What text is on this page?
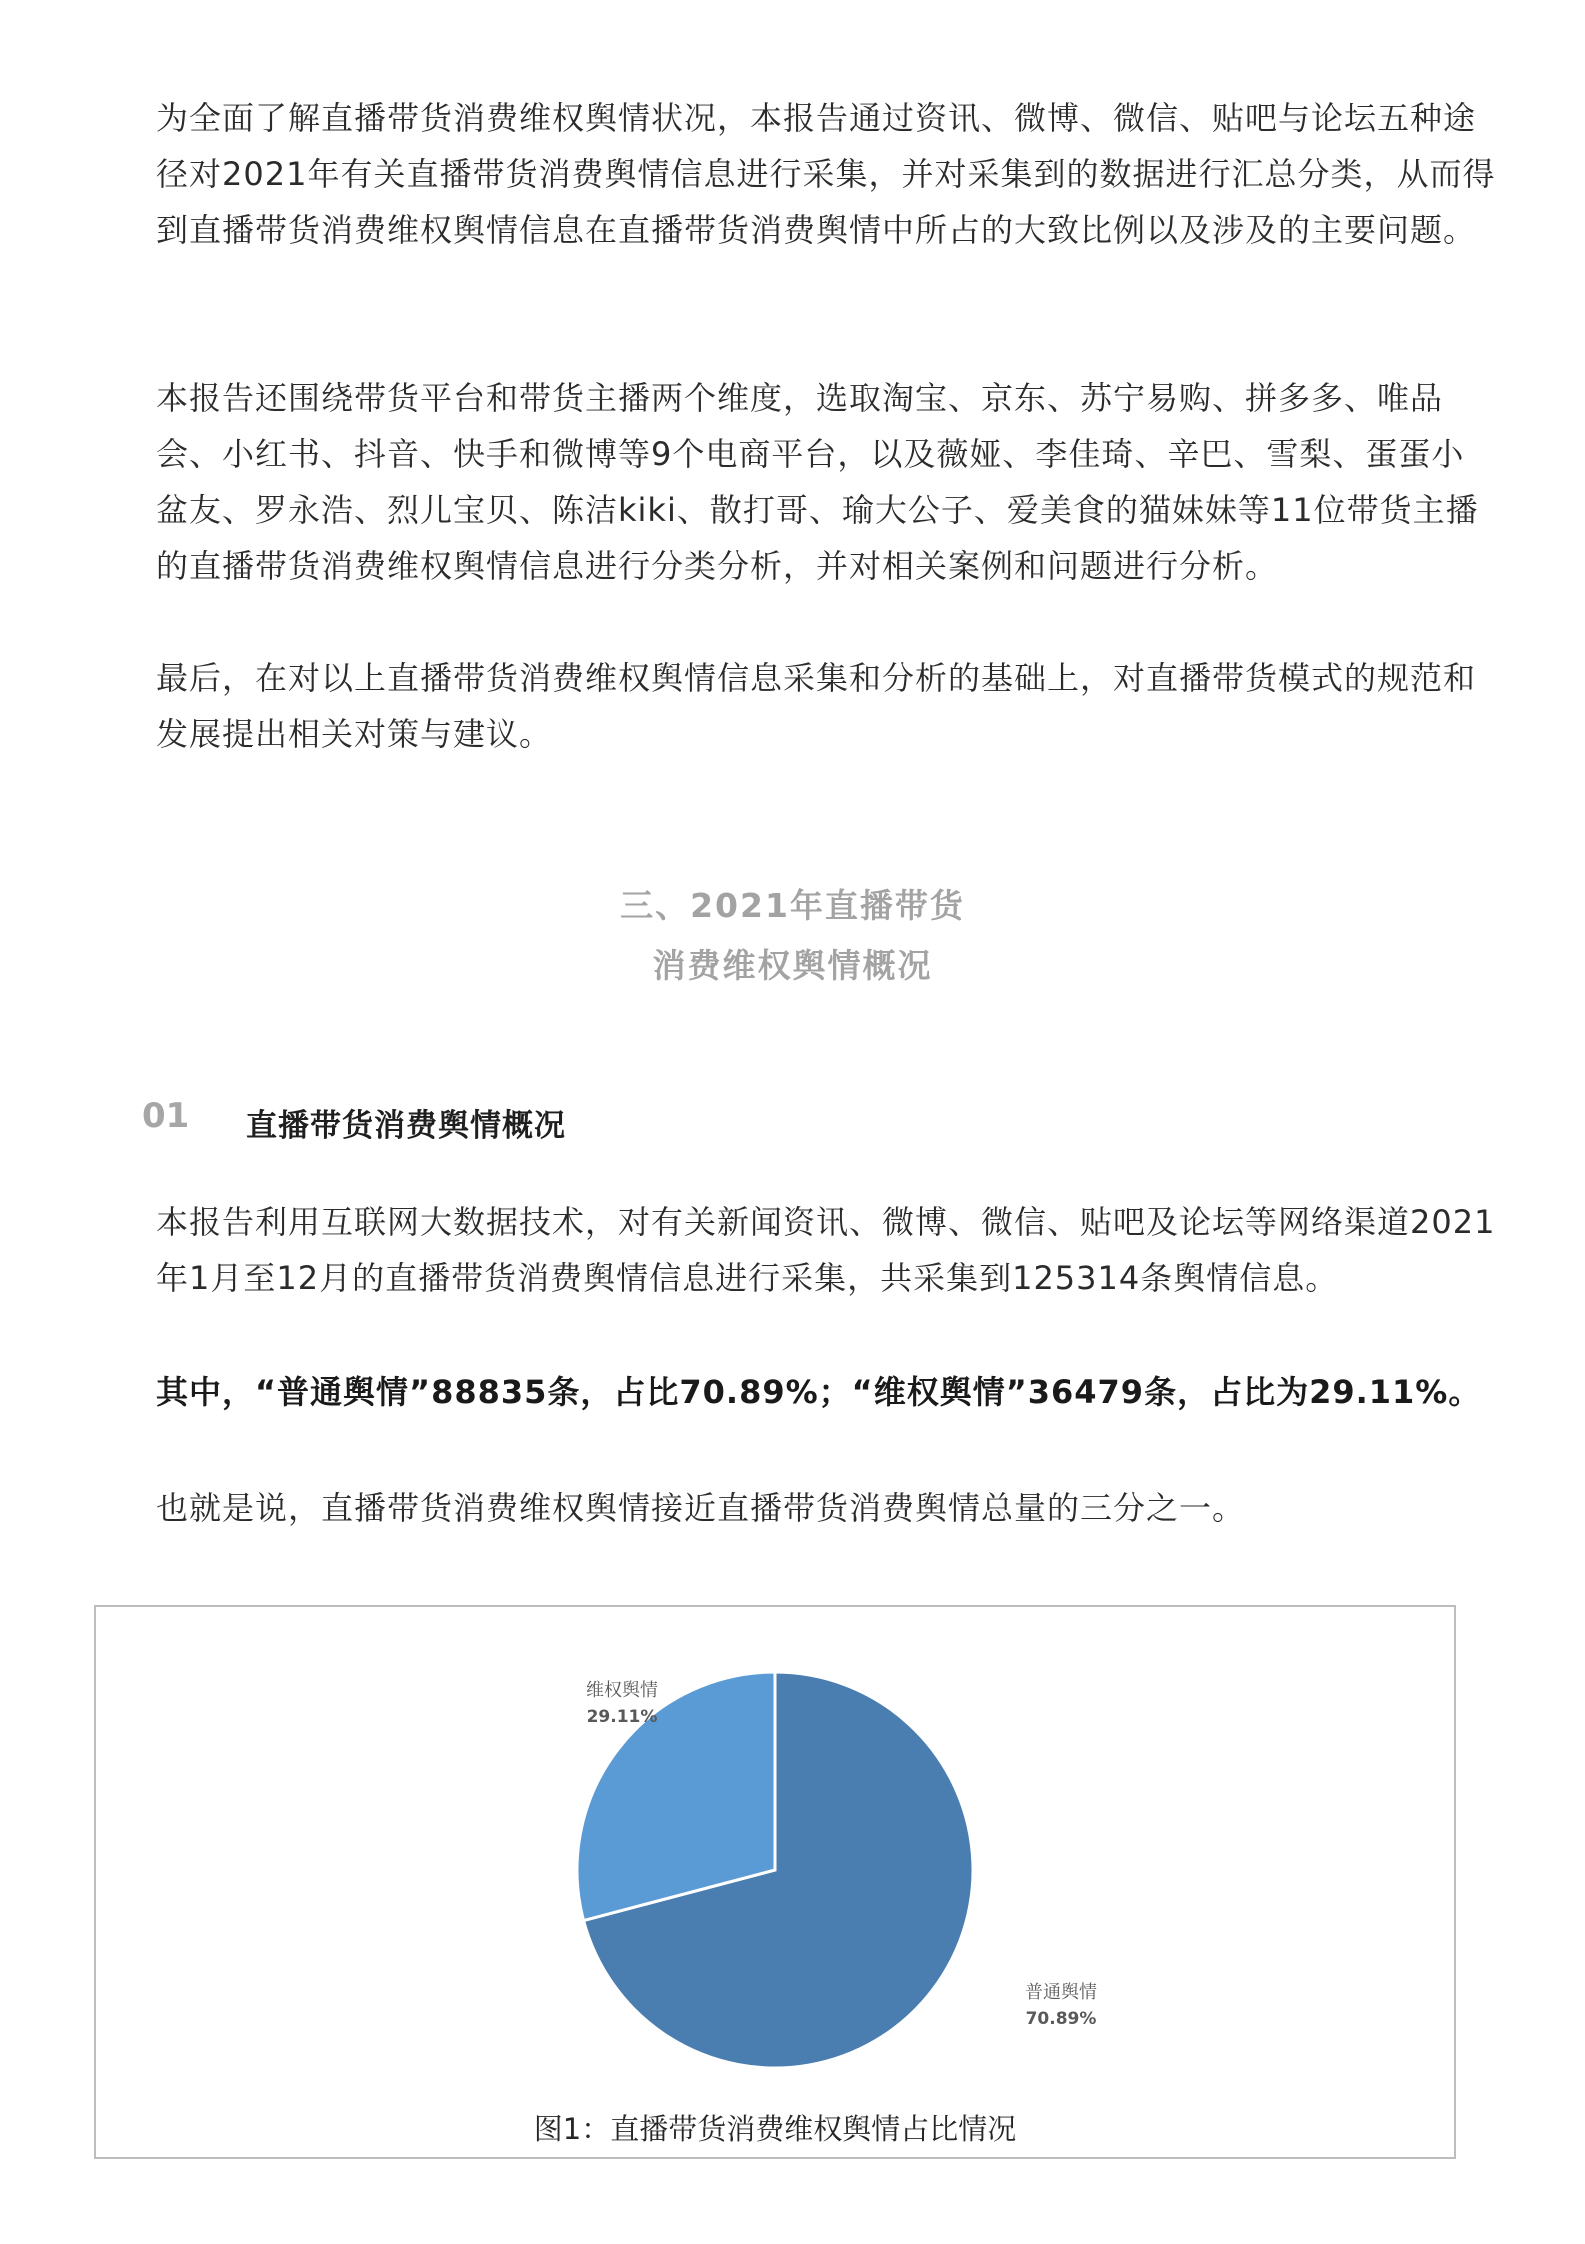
为全面了解直播带货消费维权舆情状况，本报告通过资讯、微博、微信、贴吧与论坛五种途径对2021年有关直播带货消费舆情信息进行采集，并对采集到的数据进行汇总分类，从而得到直播带货消费维权舆情信息在直播带货消费舆情中所占的大致比例以及涉及的主要问题。

本报告还围绕带货平台和带货主播两个维度，选取淘宝、京东、苏宁易购、拼多多、唯品会、小红书、抖音、快手和微博等9个电商平台，以及薇娅、李佳琦、辛巴、雪梨、蛋蛋小盆友、罗永浩、烈儿宝贝、陈洁kiki、散打哥、瑜大公子、爱美食的猫妹妹等11位带货主播的直播带货消费维权舆情信息进行分类分析，并对相关案例和问题进行分析。

最后，在对以上直播带货消费维权舆情信息采集和分析的基础上，对直播带货模式的规范和发展提出相关对策与建议。

三、2021年直播带货
消费维权舆情概况
01 直播带货消费舆情概况

本报告利用互联网大数据技术，对有关新闻资讯、微博、微信、贴吧及论坛等网络渠道2021年1月至12月的直播带货消费舆情信息进行采集，共采集到125314条舆情信息。

其中，“普通舆情”88835条，占比70.89%；“维权舆情”36479条，占比为29.11%。

也就是说，直播带货消费维权舆情接近直播带货消费舆情总量的三分之一。

维权舆情
29.11%
普通舆情
70.89%
图1：直播带货消费维权舆情占比情况
